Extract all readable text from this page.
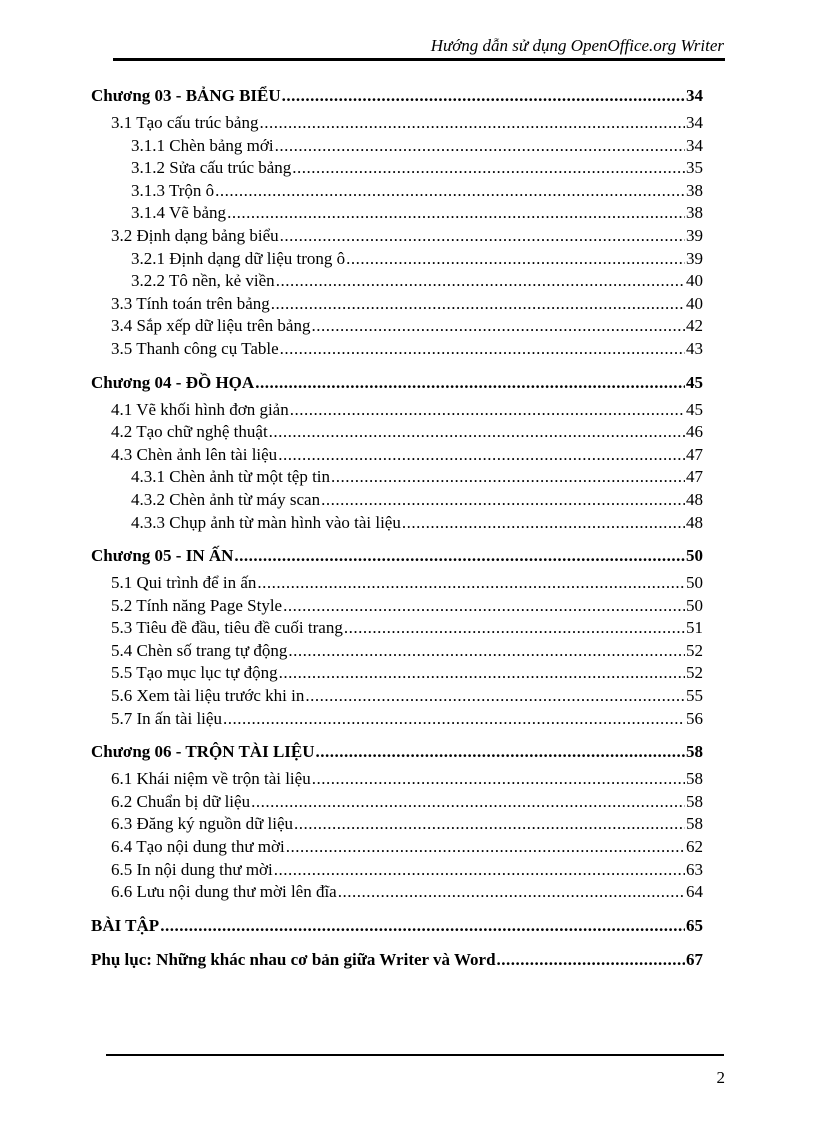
Hướng dẫn sử dụng OpenOffice.org Writer
Chương 03 - BẢNG BIỂU .....	34
3.1 Tạo cấu trúc bảng .....	34
3.1.1 Chèn bảng mới .....	34
3.1.2 Sửa cấu trúc bảng .....	35
3.1.3 Trộn ô .....	38
3.1.4 Vẽ bảng .....	38
3.2 Định dạng bảng biểu .....	39
3.2.1 Định dạng dữ liệu trong ô .....	39
3.2.2 Tô nền, kẻ viền .....	40
3.3 Tính toán trên bảng .....	40
3.4 Sắp xếp dữ liệu trên bảng .....	42
3.5 Thanh công cụ Table .....	43
Chương 04 - ĐỒ HỌA .....	45
4.1 Vẽ khối hình đơn giản .....	45
4.2 Tạo chữ nghệ thuật .....	46
4.3 Chèn ảnh lên tài liệu .....	47
4.3.1 Chèn ảnh từ một tệp tin .....	47
4.3.2 Chèn ảnh từ máy scan .....	48
4.3.3 Chụp ảnh từ màn hình vào tài liệu .....	48
Chương 05 - IN ẤN .....	50
5.1 Qui trình để in ấn .....	50
5.2 Tính năng Page Style .....	50
5.3 Tiêu đề đầu, tiêu đề cuối trang .....	51
5.4 Chèn số trang tự động .....	52
5.5 Tạo mục lục tự động .....	52
5.6 Xem tài liệu trước khi in .....	55
5.7 In ấn tài liệu .....	56
Chương 06 - TRỘN TÀI LIỆU .....	58
6.1 Khái niệm về trộn tài liệu .....	58
6.2 Chuẩn bị dữ liệu .....	58
6.3 Đăng ký nguồn dữ liệu .....	58
6.4 Tạo nội dung thư mời .....	62
6.5 In nội dung thư mời .....	63
6.6 Lưu nội dung thư mời lên đĩa .....	64
BÀI TẬP .....	65
Phụ lục: Những khác nhau cơ bản giữa Writer và Word .....	67
2
